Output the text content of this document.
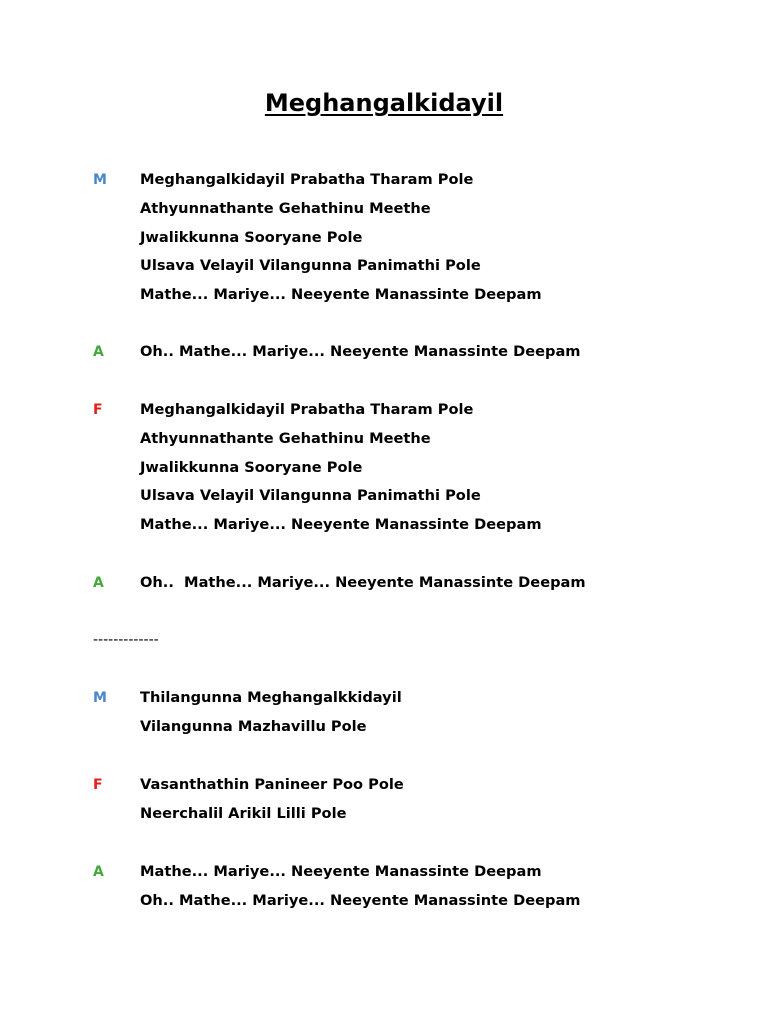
Meghangalkidayil
M Meghangalkidayil Prabatha Tharam Pole
Athyunnathante Gehathinu Meethe
Jwalikkunna Sooryane Pole
Ulsava Velayil Vilangunna Panimathi Pole
Mathe... Mariye... Neeyente Manassinte Deepam
A Oh.. Mathe... Mariye... Neeyente Manassinte Deepam
F	Meghangalkidayil Prabatha Tharam Pole
Athyunnathante Gehathinu Meethe
Jwalikkunna Sooryane Pole
Ulsava Velayil Vilangunna Panimathi Pole
Mathe... Mariye... Neeyente Manassinte Deepam
A Oh..  Mathe... Mariye... Neeyente Manassinte Deepam
-------------
M Thilangunna Meghangalkkidayil
Vilangunna Mazhavillu Pole
F	Vasanthathin Panineer Poo Pole
Neerchalil Arikil Lilli Pole
A Mathe... Mariye... Neeyente Manassinte Deepam
Oh.. Mathe... Mariye... Neeyente Manassinte Deepam
